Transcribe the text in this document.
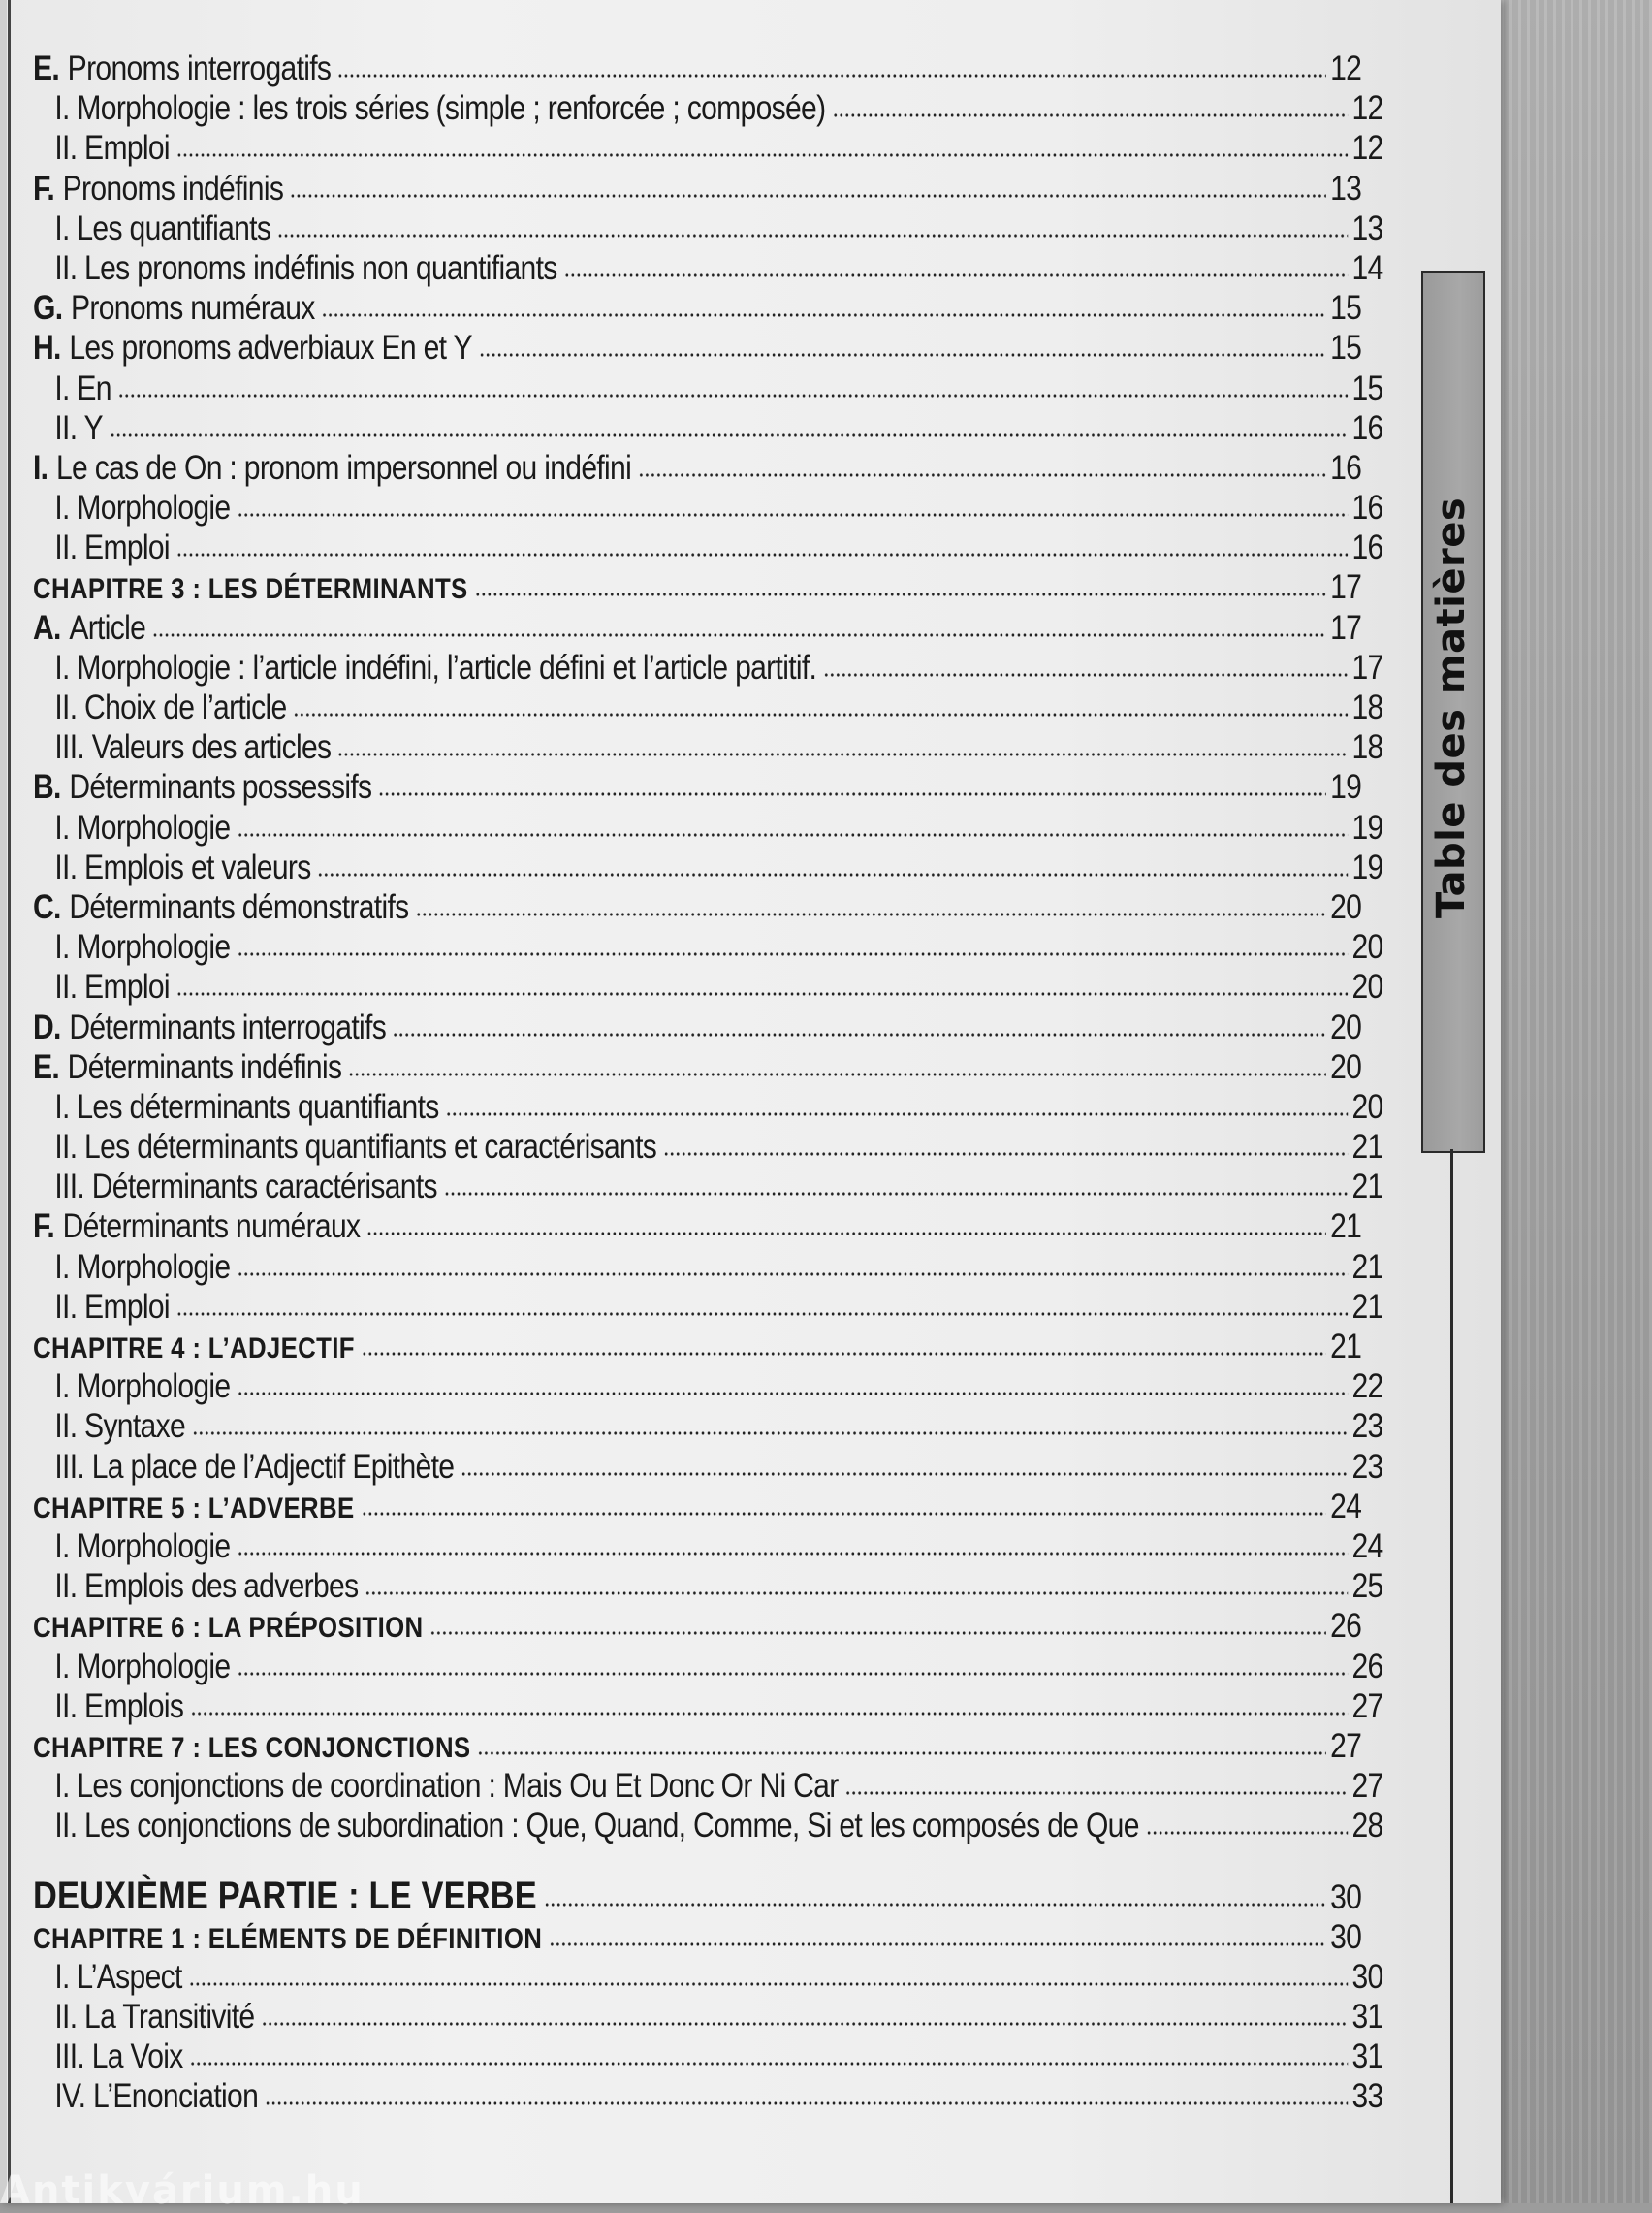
E. Pronoms interrogatifs	12
I. Morphologie : les trois séries (simple ; renforcée ; composée)	12
II. Emploi	12
F. Pronoms indéfinis	13
I. Les quantifiants	13
II. Les pronoms indéfinis non quantifiants	14
G. Pronoms numéraux	15
H. Les pronoms adverbiaux En et Y	15
I. En	15
II. Y	16
I. Le cas de On : pronom impersonnel ou indéfini	16
I. Morphologie	16
II. Emploi	16
CHAPITRE 3 : LES DÉTERMINANTS	17
A. Article	17
I. Morphologie : l’article indéfini, l’article défini et l’article partitif.	17
II. Choix de l’article	18
III. Valeurs des articles	18
B. Déterminants possessifs	19
I. Morphologie	19
II. Emplois et valeurs	19
C. Déterminants démonstratifs	20
I. Morphologie	20
II. Emploi	20
D. Déterminants interrogatifs	20
E. Déterminants indéfinis	20
I. Les déterminants quantifiants	20
II. Les déterminants quantifiants et caractérisants	21
III. Déterminants caractérisants	21
F. Déterminants numéraux	21
I. Morphologie	21
II. Emploi	21
CHAPITRE 4 : L’ADJECTIF	21
I. Morphologie	22
II. Syntaxe	23
III. La place de l’Adjectif Epithète	23
CHAPITRE 5 : L’ADVERBE	24
I. Morphologie	24
II. Emplois des adverbes	25
CHAPITRE 6 : LA PRÉPOSITION	26
I. Morphologie	26
II. Emplois	27
CHAPITRE 7 : LES CONJONCTIONS	27
I. Les conjonctions de coordination : Mais Ou Et Donc Or Ni Car	27
II. Les conjonctions de subordination : Que, Quand, Comme, Si et les composés de Que	28
DEUXIÈME PARTIE : LE VERBE	30
CHAPITRE 1 : ELÉMENTS DE DÉFINITION	30
I. L’Aspect	30
II. La Transitivité	31
III. La Voix	31
IV. L’Enonciation	33
Table des matières
Antikvárium.hu
